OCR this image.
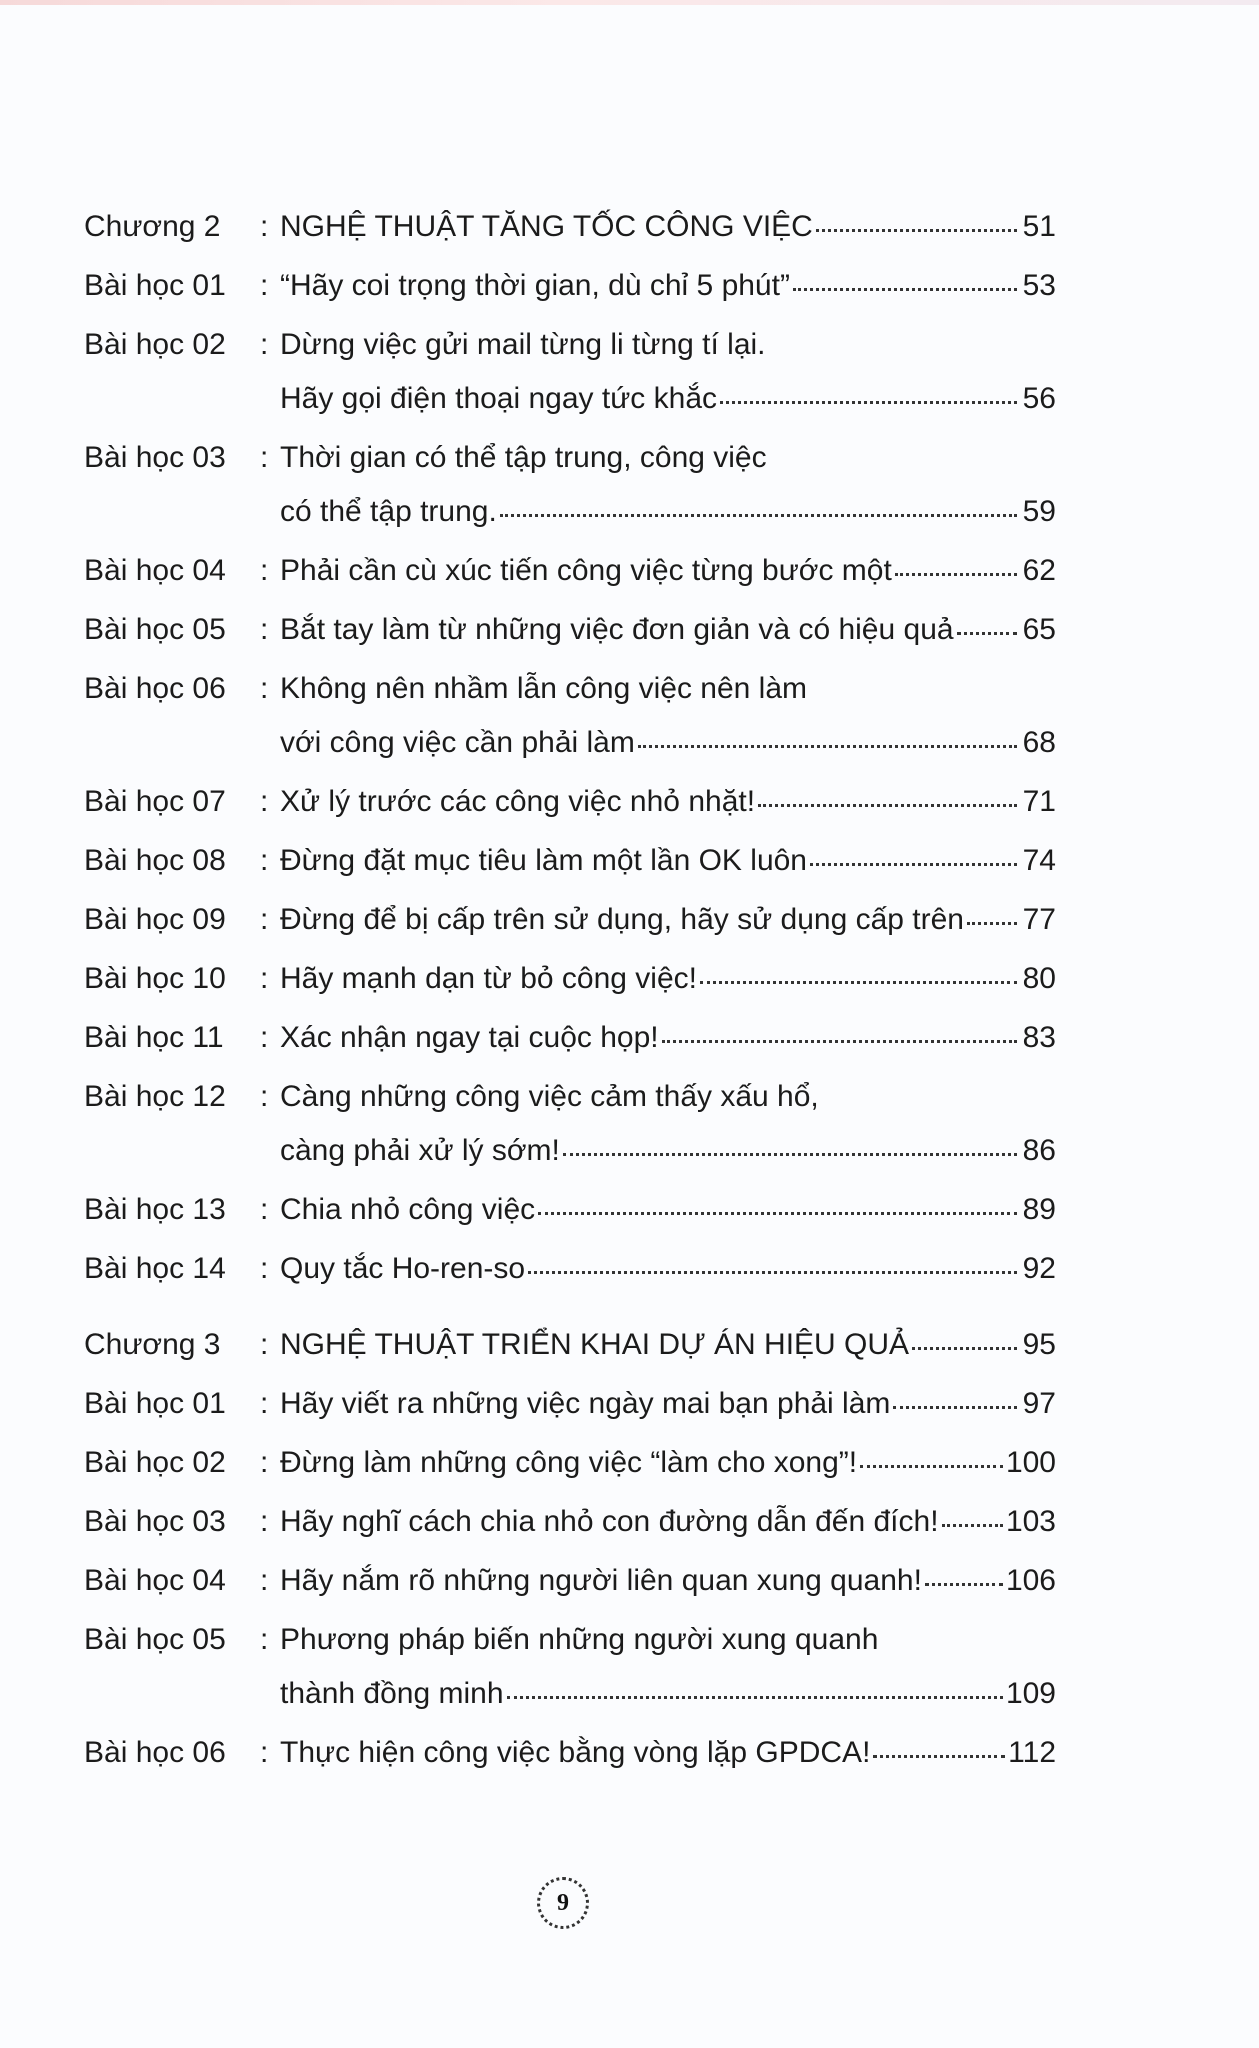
Chương 2	: NGHỆ THUẬT TĂNG TỐC CÔNG VIỆC	51
Bài học 01	: “Hãy coi trọng thời gian, dù chỉ 5 phút”	53
Bài học 02	: Dừng việc gửi mail từng li từng tí lại.
Hãy gọi điện thoại ngay tức khắc	56
Bài học 03	: Thời gian có thể tập trung, công việc
có thể tập trung.	59
Bài học 04	: Phải cần cù xúc tiến công việc từng bước một	62
Bài học 05	: Bắt tay làm từ những việc đơn giản và có hiệu quả 65
Bài học 06	: Không nên nhầm lẫn công việc nên làm
với công việc cần phải làm	68
Bài học 07	: Xử lý trước các công việc nhỏ nhặt!	71
Bài học 08	: Đừng đặt mục tiêu làm một lần OK luôn	74
Bài học 09	: Đừng để bị cấp trên sử dụng, hãy sử dụng cấp trên 77
Bài học 10	: Hãy mạnh dạn từ bỏ công việc!	80
Bài học 11	: Xác nhận ngay tại cuộc họp!	83
Bài học 12	: Càng những công việc cảm thấy xấu hổ,
càng phải xử lý sớm!	86
Bài học 13	: Chia nhỏ công việc	89
Bài học 14	: Quy tắc Ho-ren-so	92
Chương 3	: NGHỆ THUẬT TRIỂN KHAI DỰ ÁN HIỆU QUẢ	95
Bài học 01	: Hãy viết ra những việc ngày mai bạn phải làm	97
Bài học 02	: Đừng làm những công việc “làm cho xong”!	100
Bài học 03	: Hãy nghĩ cách chia nhỏ con đường dẫn đến đích! 103
Bài học 04	: Hãy nắm rõ những người liên quan xung quanh!	106
Bài học 05	: Phương pháp biến những người xung quanh
thành đồng minh	109
Bài học 06	: Thực hiện công việc bằng vòng lặp GPDCA!	112
9
